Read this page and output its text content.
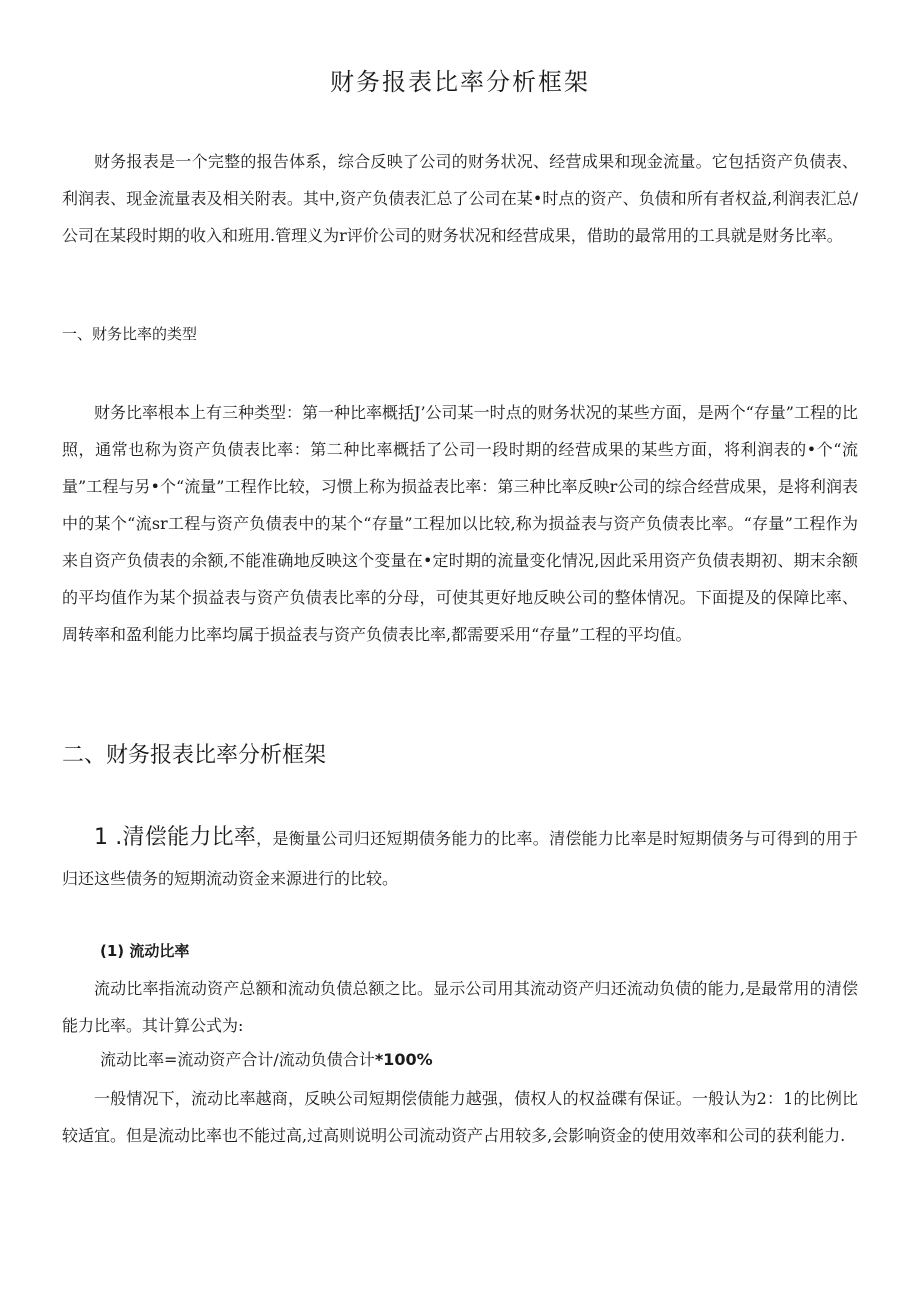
财务报表比率分析框架

财务报表是一个完整的报告体系，综合反映了公司的财务状况、经营成果和现金流量。它包括资产负债表、利润表、现金流量表及相关附表。其中,资产负债表汇总了公司在某•时点的资产、负债和所有者权益,利润表汇总/公司在某段时期的收入和班用.管理义为r评价公司的财务状况和经营成果，借助的最常用的工具就是财务比率。

一、财务比率的类型

财务比率根本上有三种类型：第一种比率概括J’公司某一时点的财务状况的某些方面，是两个“存量”工程的比照，通常也称为资产负债表比率：第二种比率概括了公司一段时期的经营成果的某些方面，将利润表的•个“流量”工程与另•个“流量”工程作比较，习惯上称为损益表比率：第三种比率反映r公司的综合经营成果，是将利润表中的某个“流sr工程与资产负债表中的某个“存量”工程加以比较,称为损益表与资产负债表比率。“存量”工程作为来自资产负债表的余额,不能准确地反映这个变量在•定时期的流量变化情况,因此采用资产负债表期初、期末余额的平均值作为某个损益表与资产负债表比率的分母，可使其更好地反映公司的整体情况。下面提及的保障比率、周转率和盈利能力比率均属于损益表与资产负债表比率,都需要采用“存量”工程的平均值。

二、财务报表比率分析框架

1 .清偿能力比率，是衡量公司归还短期债务能力的比率。清偿能力比率是时短期债务与可得到的用于归还这些债务的短期流动资金来源进行的比较。

(1) 流动比率

流动比率指流动资产总额和流动负债总额之比。显示公司用其流动资产归还流动负债的能力,是最常用的清偿能力比率。其计算公式为:

流动比率=流动资产合计/流动负债合计*100%

一般情况下，流动比率越商，反映公司短期偿债能力越强，债权人的权益碟有保证。一般认为2：1的比例比较适宜。但是流动比率也不能过高,过高则说明公司流动资产占用较多,会影响资金的使用效率和公司的获利能力.
